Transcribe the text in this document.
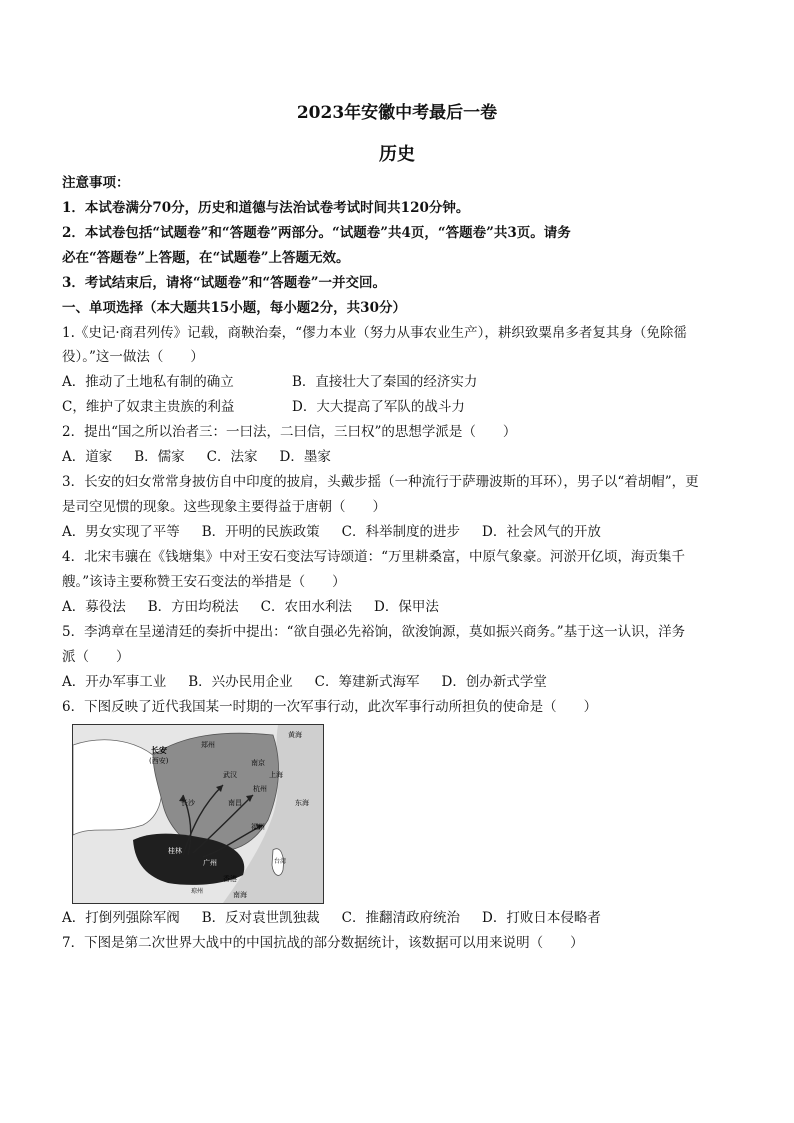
2023年安徽中考最后一卷
历史
注意事项：
1．本试卷满分70分，历史和道德与法治试卷考试时间共120分钟。
2．本试卷包括“试题卷”和“答题卷”两部分。“试题卷”共4页，“答题卷”共3页。请务
必在“答题卷”上答题，在“试题卷”上答题无效。
3．考试结束后，请将“试题卷”和“答题卷”一并交回。
一、单项选择（本大题共15小题，每小题2分，共30分）
1.《史记·商君列传》记载，商鞅治秦，“僇力本业（努力从事农业生产），耕织致粟帛多者复其身（免除徭
役）。”这一做法（　　）
A．推动了土地私有制的确立	B．直接壮大了秦国的经济实力
C，维护了奴隶主贵族的利益	D．大大提高了军队的战斗力
2．提出“国之所以治者三：一曰法，二曰信，三曰权”的思想学派是（　　）
A．道家 B．儒家 C．法家 D．墨家
3．长安的妇女常常身披仿自中印度的披肩，头戴步摇（一种流行于萨珊波斯的耳环），男子以“着胡帽”，更
是司空见惯的现象。这些现象主要得益于唐朝（　　）
A．男女实现了平等 B．开明的民族政策 C．科举制度的进步 D．社会风气的开放
4．北宋韦骧在《钱塘集》中对王安石变法写诗颂道：“万里耕桑富，中原气象豪。河淤开亿顷，海贡集千
艘。”该诗主要称赞王安石变法的举措是（　　）
A．募役法 B．方田均税法 C．农田水利法 D．保甲法
5．李鸿章在呈递清廷的奏折中提出：“欲自强必先裕饷，欲浚饷源，莫如振兴商务。”基于这一认识，洋务
派（　　）
A．开办军事工业 B．兴办民用企业 C．筹建新式海军 D．创办新式学堂
6．下图反映了近代我国某一时期的一次军事行动，此次军事行动所担负的使命是（　　）
长安
(西安)
郑州
武汉
长沙	南昌
南京
上海
杭州
福州
广州
香港
桂林
黄海
东海
南海
台湾
琼州
A．打倒列强除军阀 B．反对袁世凯独裁 C．推翻清政府统治 D．打败日本侵略者
7．下图是第二次世界大战中的中国抗战的部分数据统计，该数据可以用来说明（　　）
